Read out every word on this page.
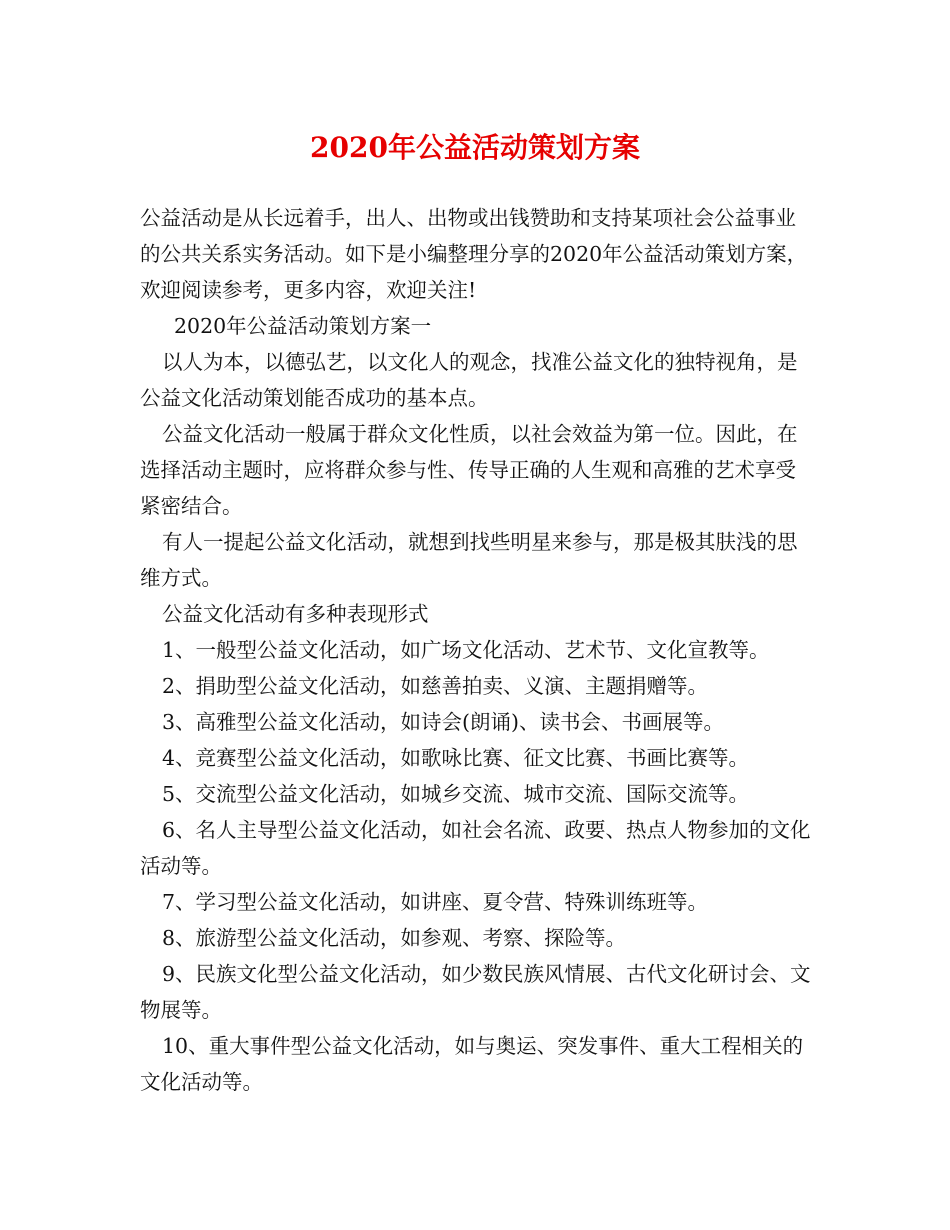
2020年公益活动策划方案

公益活动是从长远着手，出人、出物或出钱赞助和支持某项社会公益事业的公共关系实务活动。如下是小编整理分享的2020年公益活动策划方案，欢迎阅读参考，更多内容，欢迎关注!

2020年公益活动策划方案一

以人为本，以德弘艺，以文化人的观念，找准公益文化的独特视角，是公益文化活动策划能否成功的基本点。

公益文化活动一般属于群众文化性质，以社会效益为第一位。因此，在选择活动主题时，应将群众参与性、传导正确的人生观和高雅的艺术享受紧密结合。

有人一提起公益文化活动，就想到找些明星来参与，那是极其肤浅的思维方式。

公益文化活动有多种表现形式

1、一般型公益文化活动，如广场文化活动、艺术节、文化宣教等。

2、捐助型公益文化活动，如慈善拍卖、义演、主题捐赠等。

3、高雅型公益文化活动，如诗会(朗诵)、读书会、书画展等。

4、竞赛型公益文化活动，如歌咏比赛、征文比赛、书画比赛等。

5、交流型公益文化活动，如城乡交流、城市交流、国际交流等。

6、名人主导型公益文化活动，如社会名流、政要、热点人物参加的文化活动等。

7、学习型公益文化活动，如讲座、夏令营、特殊训练班等。

8、旅游型公益文化活动，如参观、考察、探险等。

9、民族文化型公益文化活动，如少数民族风情展、古代文化研讨会、文物展等。

10、重大事件型公益文化活动，如与奥运、突发事件、重大工程相关的文化活动等。
